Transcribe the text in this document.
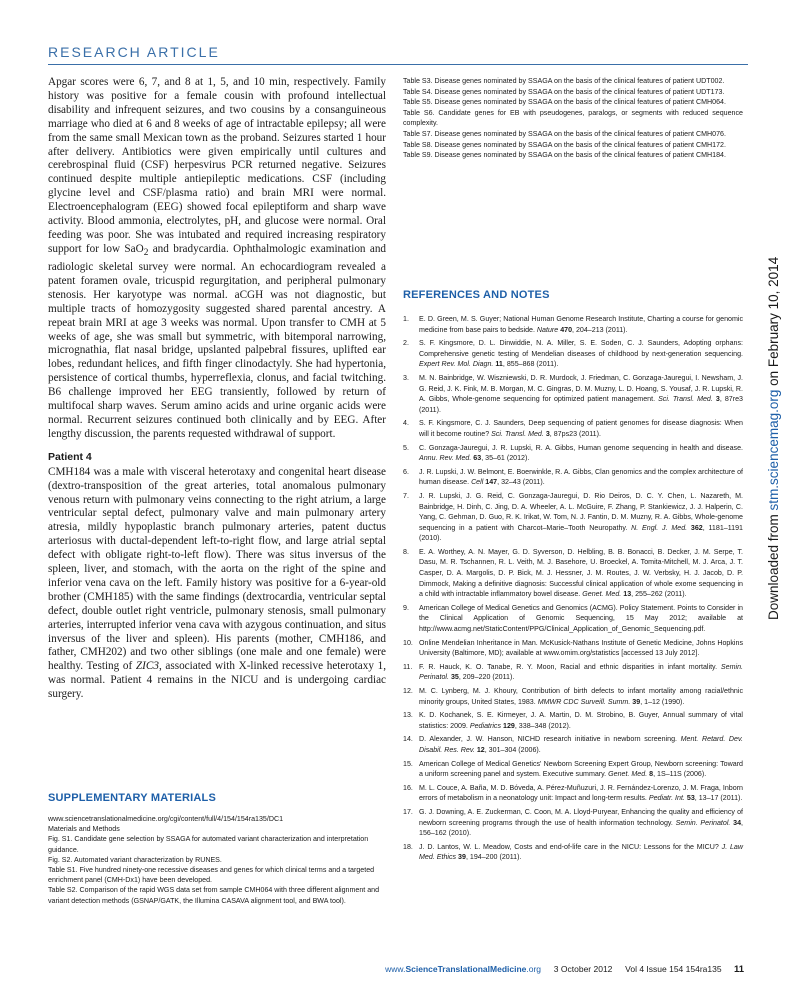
RESEARCH ARTICLE

Apgar scores were 6, 7, and 8 at 1, 5, and 10 min, respectively. Family history was positive for a female cousin with profound intellectual disability and infrequent seizures, and two cousins by a consanguineous marriage who died at 6 and 8 weeks of age of intractable epilepsy; all were from the same small Mexican town as the proband. Seizures started 1 hour after delivery. Antibiotics were given empirically until cultures and cerebrospinal fluid (CSF) herpesvirus PCR returned negative. Seizures continued despite multiple antiepileptic medications. CSF (including glycine level and CSF/plasma ratio) and brain MRI were normal. Electroencephalogram (EEG) showed focal epileptiform and sharp wave activity. Blood ammonia, electrolytes, pH, and glucose were normal. Oral feeding was poor. She was intubated and required increasing respiratory support for low SaO$_2$ and bradycardia. Ophthalmologic examination and radiologic skeletal survey were normal. An echocardiogram revealed a patent foramen ovale, tricuspid regurgitation, and peripheral pulmonary stenosis. Her karyotype was normal. aCGH was not diagnostic, but multiple tracts of homozygosity suggested shared parental ancestry. A repeat brain MRI at age 3 weeks was normal. Upon transfer to CMH at 5 weeks of age, she was small but symmetric, with bitemporal narrowing, micrognathia, flat nasal bridge, upslanted palpebral fissures, uplifted ear lobes, redundant helices, and fifth finger clinodactyly. She had hypertonia, persistence of cortical thumbs, hyperreflexia, clonus, and facial twitching. B6 challenge improved her EEG transiently, followed by return of multifocal sharp waves. Serum amino acids and urine organic acids were normal. Recurrent seizures continued both clinically and by EEG. After lengthy discussion, the parents requested withdrawal of support.

Patient 4

CMH184 was a male with visceral heterotaxy and congenital heart disease (dextro-transposition of the great arteries, total anomalous pulmonary venous return with pulmonary veins connecting to the right atrium, a large ventricular septal defect, pulmonary valve and main pulmonary artery atresia, mildly hypoplastic branch pulmonary arteries, patent ductus arteriosus with ductal-dependent left-to-right flow, and large atrial septal defect with obligate right-to-left flow). There was situs inversus of the spleen, liver, and stomach, with the aorta on the right of the spine and inferior vena cava on the left. Family history was positive for a 6-year-old brother (CMH185) with the same findings (dextrocardia, ventricular septal defect, double outlet right ventricle, pulmonary stenosis, small pulmonary arteries, interrupted inferior vena cava with azygous continuation, and situs inversus of the liver and spleen). His parents (mother, CMH186, and father, CMH202) and two other siblings (one male and one female) were healthy. Testing of ZIC3, associated with X-linked recessive heterotaxy 1, was normal. Patient 4 remains in the NICU and is undergoing cardiac surgery.

SUPPLEMENTARY MATERIALS
www.sciencetranslationalmedicine.org/cgi/content/full/4/154/154ra135/DC1
Materials and Methods
Fig. S1. Candidate gene selection by SSAGA for automated variant characterization and interpretation guidance.
Fig. S2. Automated variant characterization by RUNES.
Table S1. Five hundred ninety-one recessive diseases and genes for which clinical terms and a targeted enrichment panel (CMH-Dx1) have been developed.
Table S2. Comparison of the rapid WGS data set from sample CMH064 with three different alignment and variant detection methods (GSNAP/GATK, the Illumina CASAVA alignment tool, and BWA tool).
Table S3. Disease genes nominated by SSAGA on the basis of the clinical features of patient UDT002.
Table S4. Disease genes nominated by SSAGA on the basis of the clinical features of patient UDT173.
Table S5. Disease genes nominated by SSAGA on the basis of the clinical features of patient CMH064.
Table S6. Candidate genes for EB with pseudogenes, paralogs, or segments with reduced sequence complexity.
Table S7. Disease genes nominated by SSAGA on the basis of the clinical features of patient CMH076.
Table S8. Disease genes nominated by SSAGA on the basis of the clinical features of patient CMH172.
Table S9. Disease genes nominated by SSAGA on the basis of the clinical features of patient CMH184.
REFERENCES AND NOTES
1. E. D. Green, M. S. Guyer; National Human Genome Research Institute, Charting a course for genomic medicine from base pairs to bedside. Nature 470, 204–213 (2011).
2. S. F. Kingsmore, D. L. Dinwiddie, N. A. Miller, S. E. Soden, C. J. Saunders, Adopting orphans: Comprehensive genetic testing of Mendelian diseases of childhood by next-generation sequencing. Expert Rev. Mol. Diagn. 11, 855–868 (2011).
3. M. N. Bainbridge, W. Wiszniewski, D. R. Murdock, J. Friedman, C. Gonzaga-Jauregui, I. Newsham, J. G. Reid, J. K. Fink, M. B. Morgan, M. C. Gingras, D. M. Muzny, L. D. Hoang, S. Yousaf, J. R. Lupski, R. A. Gibbs, Whole-genome sequencing for optimized patient management. Sci. Transl. Med. 3, 87re3 (2011).
4. S. F. Kingsmore, C. J. Saunders, Deep sequencing of patient genomes for disease diagnosis: When will it become routine? Sci. Transl. Med. 3, 87ps23 (2011).
5. C. Gonzaga-Jauregui, J. R. Lupski, R. A. Gibbs, Human genome sequencing in health and disease. Annu. Rev. Med. 63, 35–61 (2012).
6. J. R. Lupski, J. W. Belmont, E. Boerwinkle, R. A. Gibbs, Clan genomics and the complex architecture of human disease. Cell 147, 32–43 (2011).
7. J. R. Lupski, J. G. Reid, C. Gonzaga-Jauregui, D. Rio Deiros, D. C. Y. Chen, L. Nazareth, M. Bainbridge, H. Dinh, C. Jing, D. A. Wheeler, A. L. McGuire, F. Zhang, P. Stankiewicz, J. J. Halperin, C. Yang, C. Gehman, D. Guo, R. K. Irikat, W. Tom, N. J. Fantin, D. M. Muzny, R. A. Gibbs, Whole-genome sequencing in a patient with Charcot–Marie–Tooth Neuropathy. N. Engl. J. Med. 362, 1181–1191 (2010).
8. E. A. Worthey, A. N. Mayer, G. D. Syverson, D. Helbling, B. B. Bonacci, B. Decker, J. M. Serpe, T. Dasu, M. R. Tschannen, R. L. Veith, M. J. Basehore, U. Broeckel, A. Tomita-Mitchell, M. J. Arca, J. T. Casper, D. A. Margolis, D. P. Bick, M. J. Hessner, J. M. Routes, J. W. Verbsky, H. J. Jacob, D. P. Dimmock, Making a definitive diagnosis: Successful clinical application of whole exome sequencing in a child with intractable inflammatory bowel disease. Genet. Med. 13, 255–262 (2011).
9. American College of Medical Genetics and Genomics (ACMG). Policy Statement. Points to Consider in the Clinical Application of Genomic Sequencing, 15 May 2012; available at http://www.acmg.net/StaticContent/PPG/Clinical_Application_of_Genomic_Sequencing.pdf.
10. Online Mendelian Inheritance in Man. McKusick-Nathans Institute of Genetic Medicine, Johns Hopkins University (Baltimore, MD); available at www.omim.org/statistics [accessed 13 July 2012].
11. F. R. Hauck, K. O. Tanabe, R. Y. Moon, Racial and ethnic disparities in infant mortality. Semin. Perinatol. 35, 209–220 (2011).
12. M. C. Lynberg, M. J. Khoury, Contribution of birth defects to infant mortality among racial/ethnic minority groups, United States, 1983. MMWR CDC Surveill. Summ. 39, 1–12 (1990).
13. K. D. Kochanek, S. E. Kirmeyer, J. A. Martin, D. M. Strobino, B. Guyer, Annual summary of vital statistics: 2009. Pediatrics 129, 338–348 (2012).
14. D. Alexander, J. W. Hanson, NICHD research initiative in newborn screening. Ment. Retard. Dev. Disabil. Res. Rev. 12, 301–304 (2006).
15. American College of Medical Genetics' Newborn Screening Expert Group, Newborn screening: Toward a uniform screening panel and system. Executive summary. Genet. Med. 8, 1S–11S (2006).
16. M. L. Couce, A. Baña, M. D. Bóveda, A. Pérez-Muñuzuri, J. R. Fernández-Lorenzo, J. M. Fraga, Inborn errors of metabolism in a neonatology unit: Impact and long-term results. Pediatr. Int. 53, 13–17 (2011).
17. G. J. Downing, A. E. Zuckerman, C. Coon, M. A. Lloyd-Puryear, Enhancing the quality and efficiency of newborn screening programs through the use of health information technology. Semin. Perinatol. 34, 156–162 (2010).
18. J. D. Lantos, W. L. Meadow, Costs and end-of-life care in the NICU: Lessons for the MICU? J. Law Med. Ethics 39, 194–200 (2011).
Downloaded from stm.sciencemag.org on February 10, 2014
www.ScienceTranslationalMedicine.org 3 October 2012 Vol 4 Issue 154 154ra135 11
